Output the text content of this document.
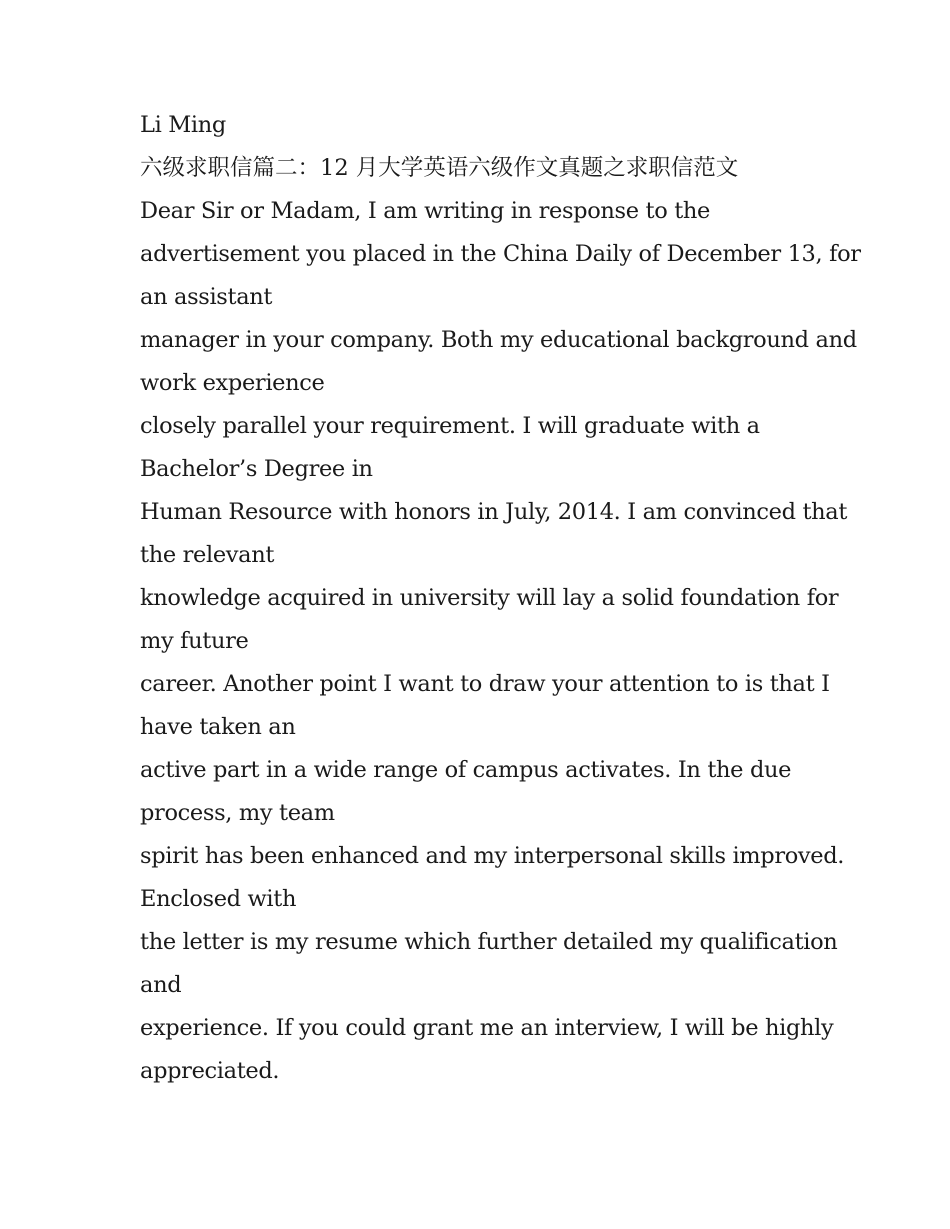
Li Ming
六级求职信篇二：12 月大学英语六级作文真题之求职信范文
Dear Sir or Madam, I am writing in response to the
advertisement you placed in the China Daily of December 13, for
an assistant
manager in your company. Both my educational background and
work experience
closely parallel your requirement. I will graduate with a
Bachelor’s Degree in
Human Resource with honors in July, 2014. I am convinced that
the relevant
knowledge acquired in university will lay a solid foundation for
my future
career. Another point I want to draw your attention to is that I
have taken an
active part in a wide range of campus activates. In the due
process, my team
spirit has been enhanced and my interpersonal skills improved.
Enclosed with
the letter is my resume which further detailed my qualification
and
experience. If you could grant me an interview, I will be highly
appreciated.
